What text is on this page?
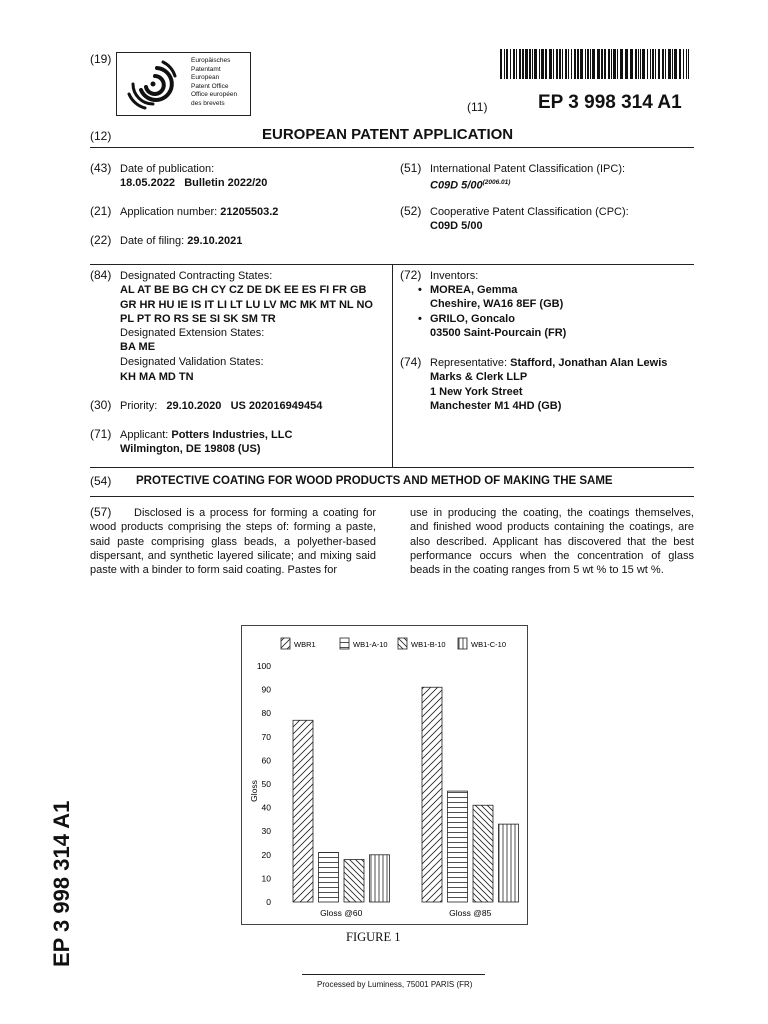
(19)	Europäisches
Patentamt
European
Patent Office
Office européen
des brevets	(11)	EP 3 998 314 A1
(12)	EUROPEAN PATENT APPLICATION
(43) Date of publication:
18.05.2022   Bulletin 2022/20
(21) Application number: 21205503.2
(22) Date of filing: 29.10.2021
(51) International Patent Classification (IPC):
C09D $5/00^{(2006.01)}$
(52) Cooperative Patent Classification (CPC):
C09D 5/00
(84) Designated Contracting States:
AL AT BE BG CH CY CZ DE DK EE ES FI FR GB
GR HR HU IE IS IT LI LT LU LV MC MK MT NL NO
PL PT RO RS SE SI SK SM TR
Designated Extension States:
BA ME
Designated Validation States:
KH MA MD TN
(30) Priority: 29.10.2020   US 202016949454
(71) Applicant: Potters Industries, LLC
Wilmington, DE 19808 (US)
(72) Inventors:
• MOREA, Gemma
Cheshire, WA16 8EF (GB)
• GRILO, Goncalo
03500 Saint-Pourcain (FR)
(74) Representative: Stafford, Jonathan Alan Lewis
Marks & Clerk LLP
1 New York Street
Manchester M1 4HD (GB)
(54) PROTECTIVE COATING FOR WOOD PRODUCTS AND METHOD OF MAKING THE SAME
(57)	Disclosed is a process for forming a coating for wood products comprising the steps of: forming a paste, said paste comprising glass beads, a polyether-based dispersant, and synthetic layered silicate; and mixing said paste with a binder to form said coating. Pastes for
use in producing the coating, the coatings themselves, and finished wood products containing the coatings, are also described. Applicant has discovered that the best performance occurs when the concentration of glass beads in the coating ranges from 5 wt % to 15 wt %.
WBR1	WB1-A-10	WB1-B-10	WB1-C-10
0
10
20
30
40
50
60
70
80
90
100
Gloss
Gloss @60	Gloss @85
FIGURE 1
Processed by Luminess, 75001 PARIS (FR)
EP 3 998 314 A1
